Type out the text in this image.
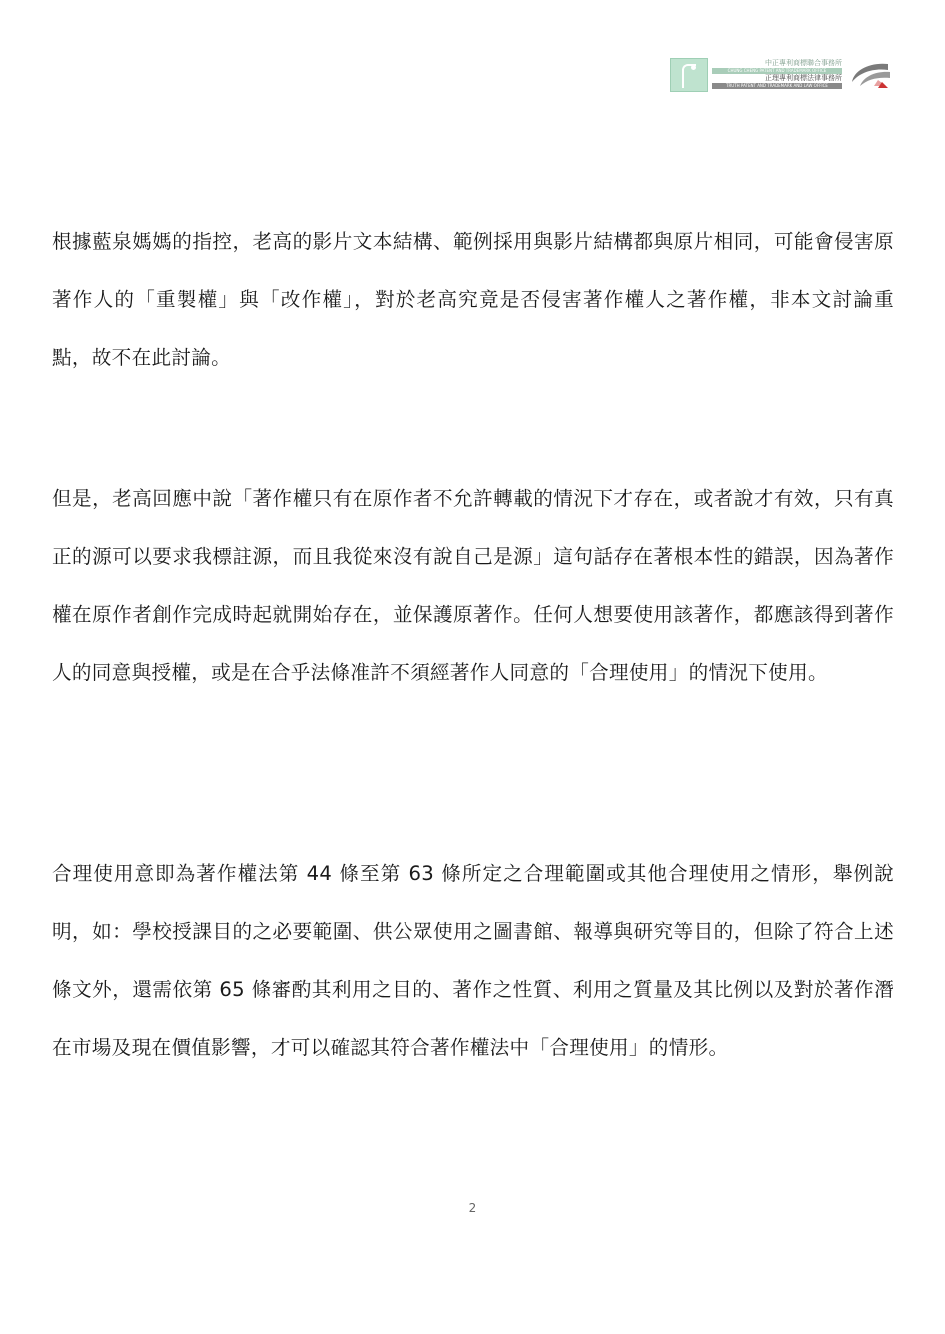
中正專利商標聯合事務所
CHUNG CHENG PATENT AND TRADEMARK OFFICE
正理專利商標法律事務所
TRUTH PATENT AND TRADEMARK AND LAW OFFICE

根據藍泉媽媽的指控，老高的影片文本結構、範例採用與影片結構都與原片相同，可能會侵害原著作人的「重製權」與「改作權」，對於老高究竟是否侵害著作權人之著作權，非本文討論重點，故不在此討論。

但是，老高回應中說「著作權只有在原作者不允許轉載的情況下才存在，或者說才有效，只有真正的源可以要求我標註源，而且我從來沒有說自己是源」這句話存在著根本性的錯誤，因為著作權在原作者創作完成時起就開始存在，並保護原著作。任何人想要使用該著作，都應該得到著作人的同意與授權，或是在合乎法條准許不須經著作人同意的「合理使用」的情況下使用。

合理使用意即為著作權法第 44 條至第 63 條所定之合理範圍或其他合理使用之情形，舉例說明，如：學校授課目的之必要範圍、供公眾使用之圖書館、報導與研究等目的，但除了符合上述條文外，還需依第 65 條審酌其利用之目的、著作之性質、利用之質量及其比例以及對於著作潛在市場及現在價值影響，才可以確認其符合著作權法中「合理使用」的情形。

2
